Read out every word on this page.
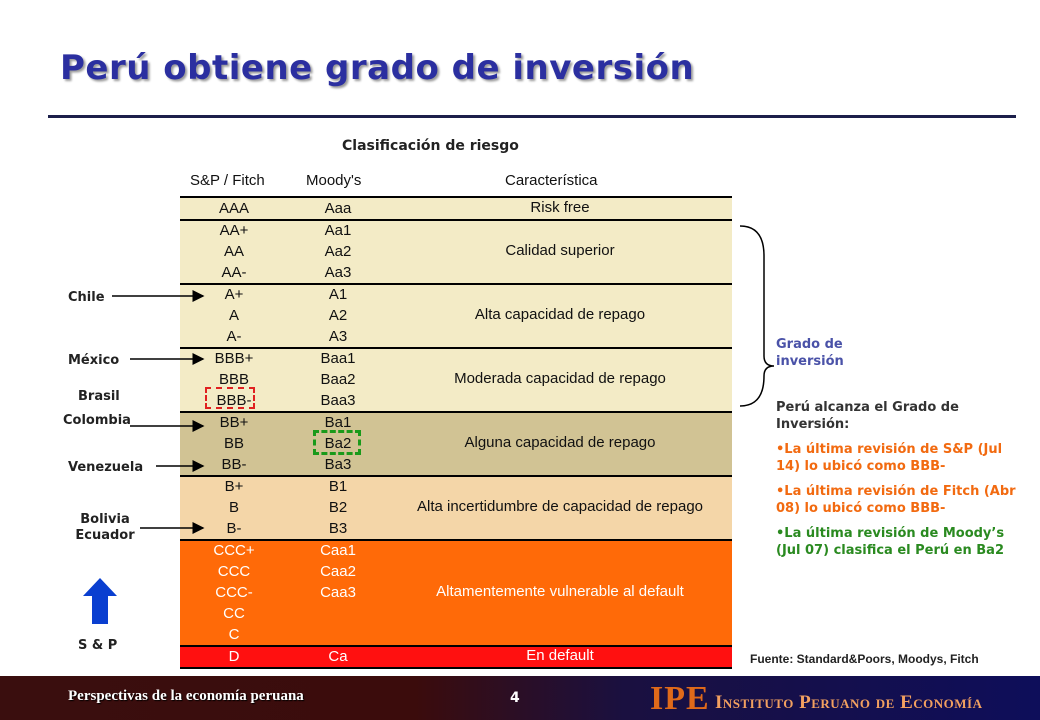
Perú obtiene grado de inversión
Clasificación de riesgo
S&P / Fitch	Moody's	Característica
AAA	Aaa	Risk free
AA+	Aa1
AA	Aa2
AA-	Aa3
Calidad superior
A+	A1
A	A2
A-	A3
Alta capacidad de repago
BBB+	Baa1
BBB	Baa2
BBB-	Baa3
Moderada capacidad de repago
BB+	Ba1
BB	Ba2
BB-	Ba3
Alguna capacidad de repago
B+	B1
B	B2
B-	B3
Alta incertidumbre de capacidad de repago
CCC+	Caa1
CCC	Caa2
CCC-	Caa3
CC
C
Altamentemente vulnerable al default
D	Ca	En default
Chile
México
Brasil
Colombia
Venezuela
Bolivia
Ecuador
Grado de
inversión
Perú alcanza el Grado de Inversión:
•La última revisión de S&P (Jul 14) lo ubicó como BBB-
•La última revisión de Fitch (Abr 08) lo ubicó como BBB-
•La última revisión de Moody’s (Jul 07) clasifica el Perú en Ba2
Fuente: Standard&Poors, Moodys, Fitch
S & P
Perspectivas de la economía peruana	4	IPE Instituto Peruano de Economía
